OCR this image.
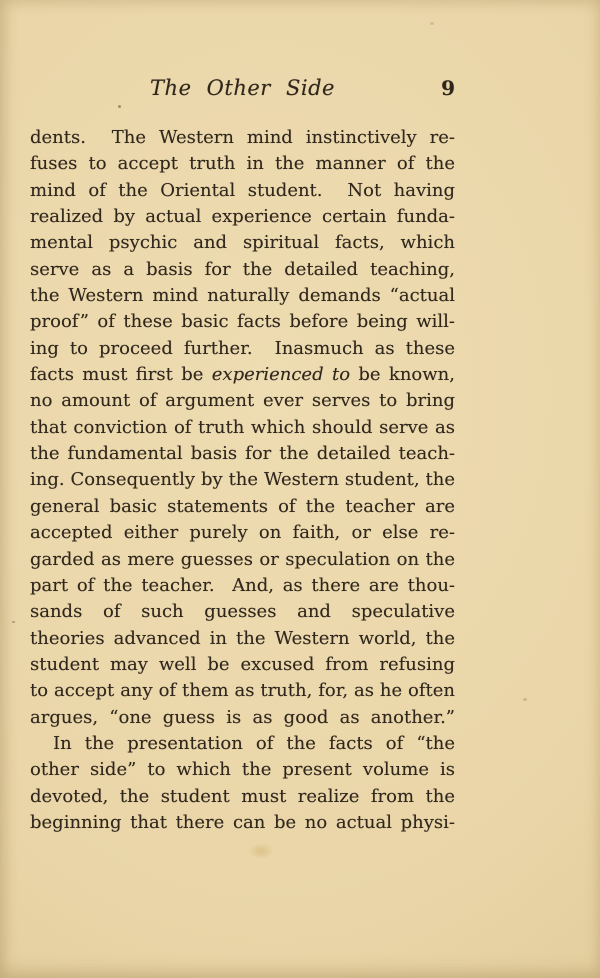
The Other Side	9
dents.  The Western mind instinctively re-
fuses to accept truth in the manner of the
mind of the Oriental student.  Not having
realized by actual experience certain funda-
mental psychic and spiritual facts, which
serve as a basis for the detailed teaching,
the Western mind naturally demands “actual
proof” of these basic facts before being will-
ing to proceed further.  Inasmuch as these
facts must first be experienced to be known,
no amount of argument ever serves to bring
that conviction of truth which should serve as
the fundamental basis for the detailed teach-
ing. Consequently by the Western student, the
general basic statements of the teacher are
accepted either purely on faith, or else re-
garded as mere guesses or speculation on the
part of the teacher.  And, as there are thou-
sands of such guesses and speculative
theories advanced in the Western world, the
student may well be excused from refusing
to accept any of them as truth, for, as he often
argues, “one guess is as good as another.”
In the presentation of the facts of “the
other side” to which the present volume is
devoted, the student must realize from the
beginning that there can be no actual physi-
